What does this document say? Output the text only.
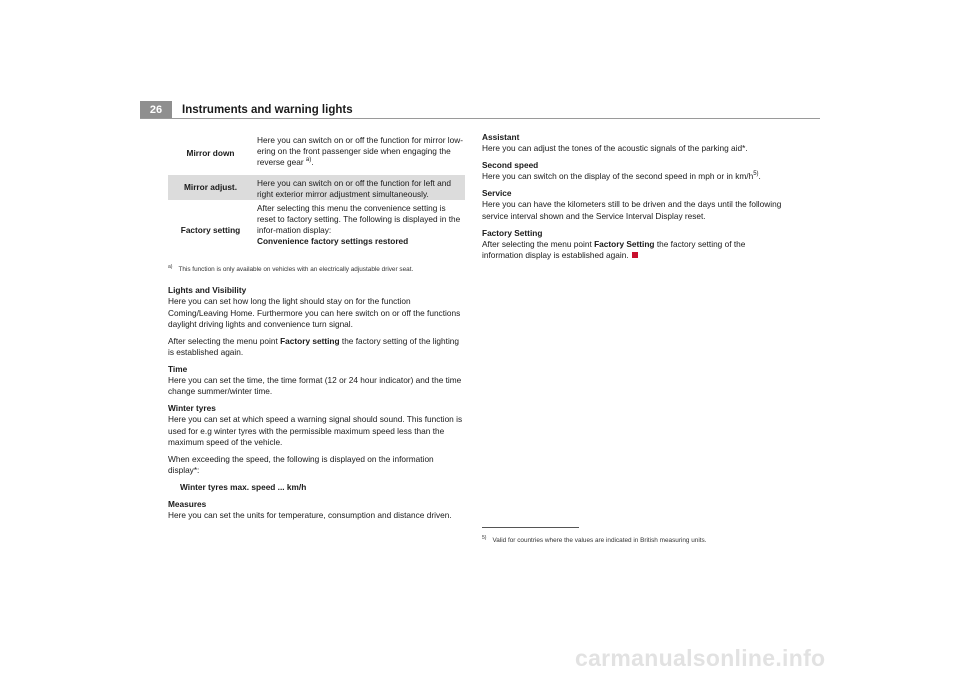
26	Instruments and warning lights
Mirror down
Here you can switch on or off the function for mirror low-ering on the front passenger side when engaging the reverse gear $^{a)}$.
Mirror adjust.	Here you can switch on or off the function for left and right exterior mirror adjustment simultaneously.
Factory setting
After selecting this menu the convenience setting is reset to factory setting. The following is displayed in the infor-mation display:
Convenience factory settings restored
$^{a)}$ This function is only available on vehicles with an electrically adjustable driver seat.
Lights and Visibility

Here you can set how long the light should stay on for the function Coming/Leaving Home. Furthermore you can here switch on or off the functions daylight driving lights and convenience turn signal.

After selecting the menu point Factory setting the factory setting of the lighting is established again.

Time

Here you can set the time, the time format (12 or 24 hour indicator) and the time change summer/winter time.

Winter tyres

Here you can set at which speed a warning signal should sound. This function is used for e.g winter tyres with the permissible maximum speed less than the maximum speed of the vehicle.

When exceeding the speed, the following is displayed on the information display*:

Winter tyres max. speed ... km/h

Measures

Here you can set the units for temperature, consumption and distance driven.

Assistant

Here you can adjust the tones of the acoustic signals of the parking aid*.

Second speed

Here you can switch on the display of the second speed in mph or in $km/h^{5)}$.

Service

Here you can have the kilometers still to be driven and the days until the following service interval shown and the Service Interval Display reset.

Factory Setting

After selecting the menu point Factory Setting the factory setting of the information display is established again.

$^{5)}$ Valid for countries where the values are indicated in British measuring units.
carmanualsonline.info
